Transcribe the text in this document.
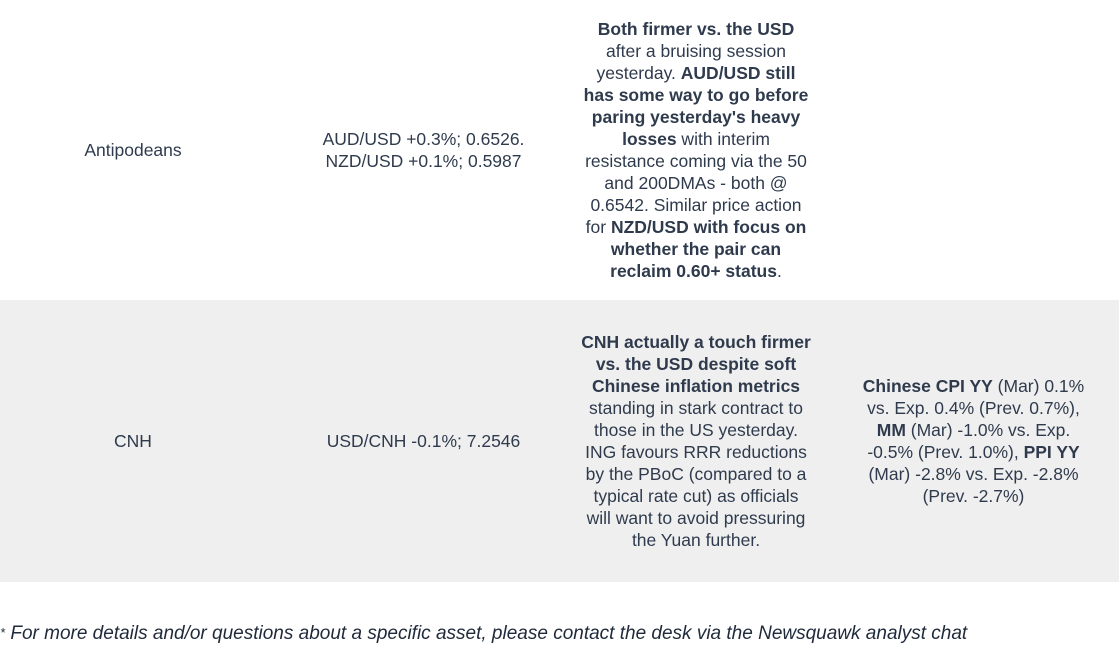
Antipodeans
AUD/USD +0.3%; 0.6526.
NZD/USD +0.1%; 0.5987
Both firmer vs. the USD after a bruising session yesterday. AUD/USD still has some way to go before paring yesterday's heavy losses with interim resistance coming via the 50 and 200DMAs - both @ 0.6542. Similar price action for NZD/USD with focus on whether the pair can reclaim 0.60+ status.
CNH	USD/CNH -0.1%; 7.2546
CNH actually a touch firmer vs. the USD despite soft Chinese inflation metrics standing in stark contract to those in the US yesterday. ING favours RRR reductions by the PBoC (compared to a typical rate cut) as officials will want to avoid pressuring the Yuan further.
Chinese CPI YY (Mar) 0.1% vs. Exp. 0.4% (Prev. 0.7%), MM (Mar) -1.0% vs. Exp. -0.5% (Prev. 1.0%), PPI YY (Mar) -2.8% vs. Exp. -2.8% (Prev. -2.7%)
* For more details and/or questions about a specific asset, please contact the desk via the Newsquawk analyst chat
